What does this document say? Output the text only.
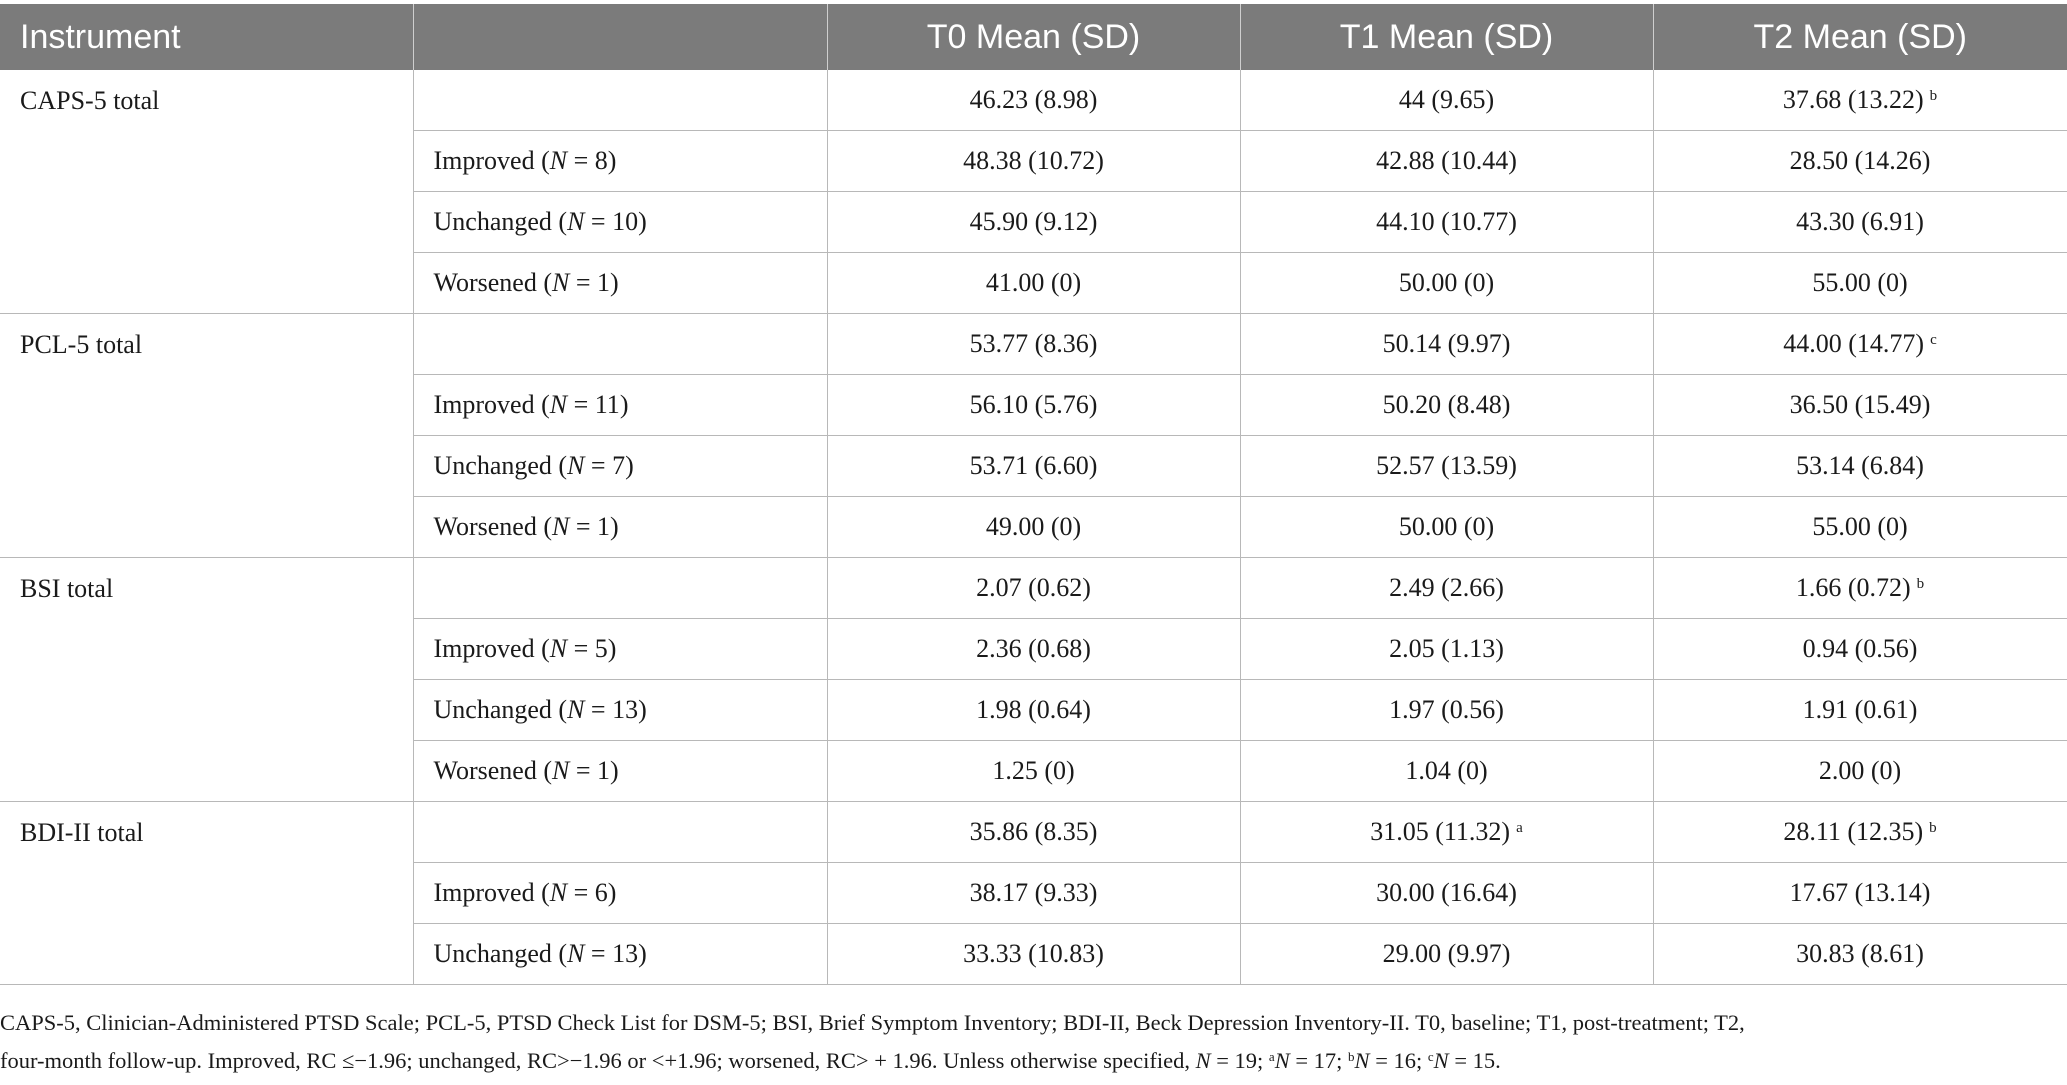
Instrument		T0 Mean (SD)	T1 Mean (SD)	T2 Mean (SD)
CAPS-5 total		46.23 (8.98)	44 (9.65)	37.68 (13.22) $^b$
	Improved (N = 8)	48.38 (10.72)	42.88 (10.44)	28.50 (14.26)
	Unchanged (N = 10)	45.90 (9.12)	44.10 (10.77)	43.30 (6.91)
	Worsened (N = 1)	41.00 (0)	50.00 (0)	55.00 (0)
PCL-5 total		53.77 (8.36)	50.14 (9.97)	44.00 (14.77) $^c$
	Improved (N = 11)	56.10 (5.76)	50.20 (8.48)	36.50 (15.49)
	Unchanged (N = 7)	53.71 (6.60)	52.57 (13.59)	53.14 (6.84)
	Worsened (N = 1)	49.00 (0)	50.00 (0)	55.00 (0)
BSI total		2.07 (0.62)	2.49 (2.66)	1.66 (0.72) $^b$
	Improved (N = 5)	2.36 (0.68)	2.05 (1.13)	0.94 (0.56)
	Unchanged (N = 13)	1.98 (0.64)	1.97 (0.56)	1.91 (0.61)
	Worsened (N = 1)	1.25 (0)	1.04 (0)	2.00 (0)
BDI-II total		35.86 (8.35)	31.05 (11.32) $^a$	28.11 (12.35) $^b$
	Improved (N = 6)	38.17 (9.33)	30.00 (16.64)	17.67 (13.14)
	Unchanged (N = 13)	33.33 (10.83)	29.00 (9.97)	30.83 (8.61)
CAPS-5, Clinician-Administered PTSD Scale; PCL-5, PTSD Check List for DSM-5; BSI, Brief Symptom Inventory; BDI-II, Beck Depression Inventory-II. T0, baseline; T1, post-treatment; T2,
four-month follow-up. Improved, RC ≤−1.96; unchanged, RC>−1.96 or <+1.96; worsened, RC> + 1.96. Unless otherwise specified, N = 19; $^a$N = 17; $^b$N = 16; $^c$N = 15.
